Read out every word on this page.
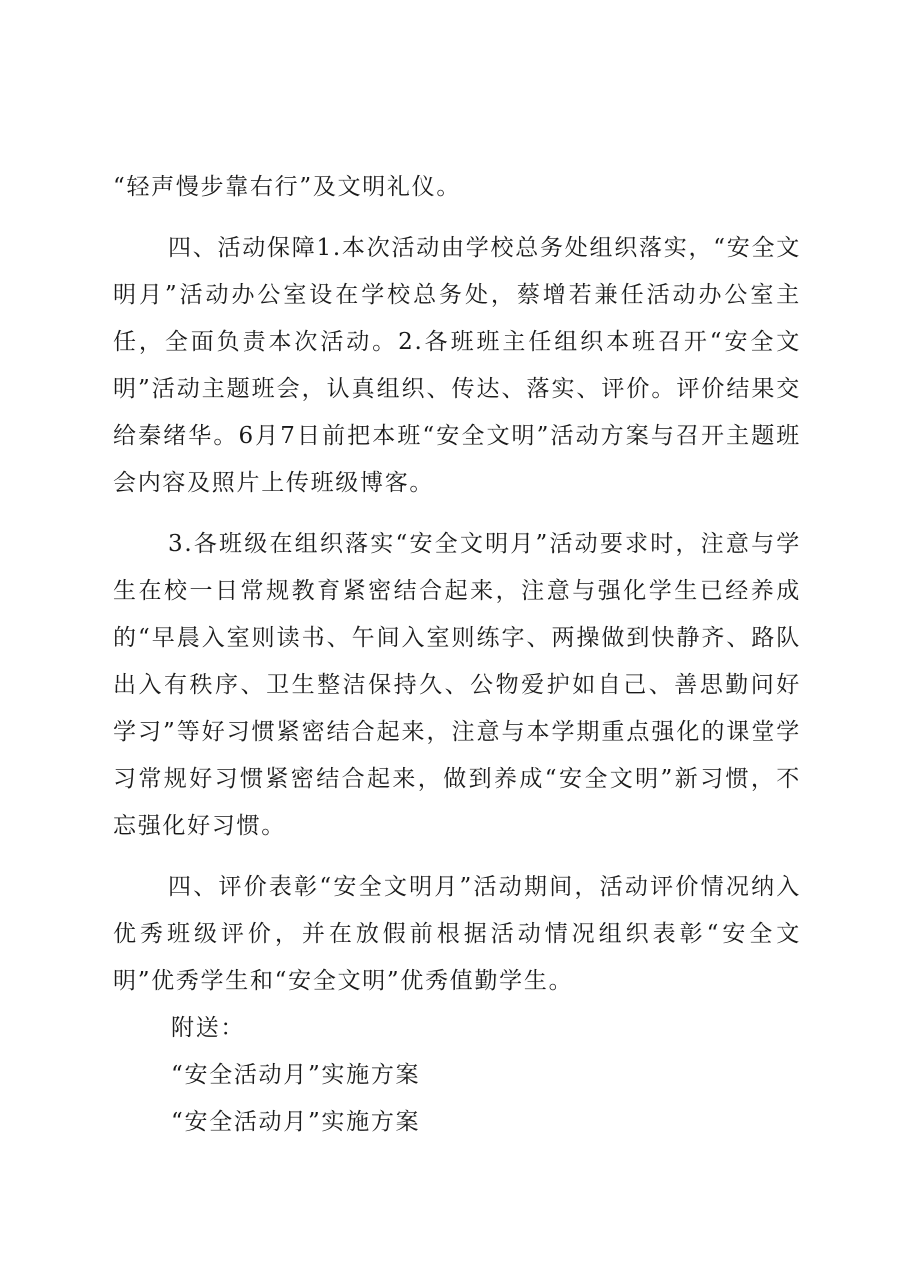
“轻声慢步靠右行”及文明礼仪。

四、活动保障1.本次活动由学校总务处组织落实，“安全文明月”活动办公室设在学校总务处，蔡增若兼任活动办公室主任，全面负责本次活动。2.各班班主任组织本班召开“安全文明”活动主题班会，认真组织、传达、落实、评价。评价结果交给秦绪华。6月7日前把本班“安全文明”活动方案与召开主题班会内容及照片上传班级博客。

3.各班级在组织落实“安全文明月”活动要求时，注意与学生在校一日常规教育紧密结合起来，注意与强化学生已经养成的“早晨入室则读书、午间入室则练字、两操做到快静齐、路队出入有秩序、卫生整洁保持久、公物爱护如自己、善思勤问好学习”等好习惯紧密结合起来，注意与本学期重点强化的课堂学习常规好习惯紧密结合起来，做到养成“安全文明”新习惯，不忘强化好习惯。

四、评价表彰“安全文明月”活动期间，活动评价情况纳入优秀班级评价，并在放假前根据活动情况组织表彰“安全文明”优秀学生和“安全文明”优秀值勤学生。

附送：

“安全活动月”实施方案

“安全活动月”实施方案
